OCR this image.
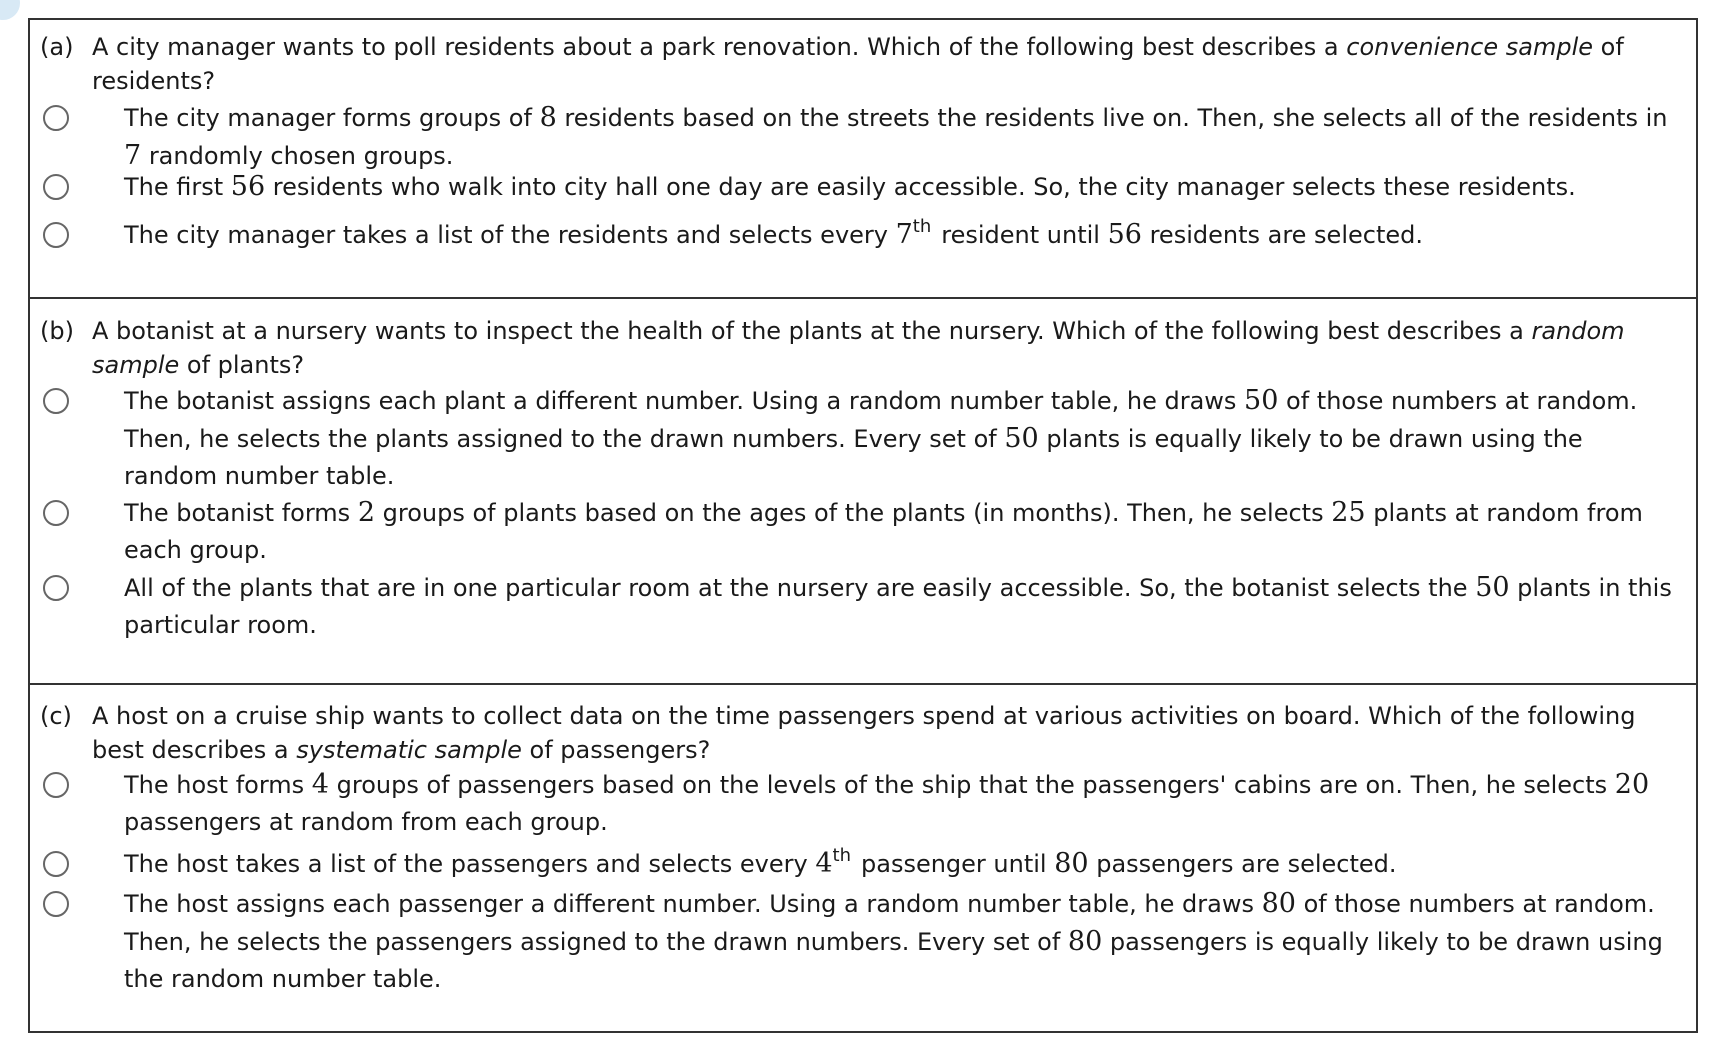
(a) A city manager wants to poll residents about a park renovation. Which of the following best describes a convenience sample of residents?
The city manager forms groups of 8 residents based on the streets the residents live on. Then, she selects all of the residents in 7 randomly chosen groups.
The first 56 residents who walk into city hall one day are easily accessible. So, the city manager selects these residents.
The city manager takes a list of the residents and selects every 7th resident until 56 residents are selected.
(b) A botanist at a nursery wants to inspect the health of the plants at the nursery. Which of the following best describes a random sample of plants?
The botanist assigns each plant a different number. Using a random number table, he draws 50 of those numbers at random. Then, he selects the plants assigned to the drawn numbers. Every set of 50 plants is equally likely to be drawn using the random number table.
The botanist forms 2 groups of plants based on the ages of the plants (in months). Then, he selects 25 plants at random from each group.
All of the plants that are in one particular room at the nursery are easily accessible. So, the botanist selects the 50 plants in this particular room.
(c) A host on a cruise ship wants to collect data on the time passengers spend at various activities on board. Which of the following best describes a systematic sample of passengers?
The host forms 4 groups of passengers based on the levels of the ship that the passengers' cabins are on. Then, he selects 20 passengers at random from each group.
The host takes a list of the passengers and selects every 4th passenger until 80 passengers are selected.
The host assigns each passenger a different number. Using a random number table, he draws 80 of those numbers at random. Then, he selects the passengers assigned to the drawn numbers. Every set of 80 passengers is equally likely to be drawn using the random number table.
